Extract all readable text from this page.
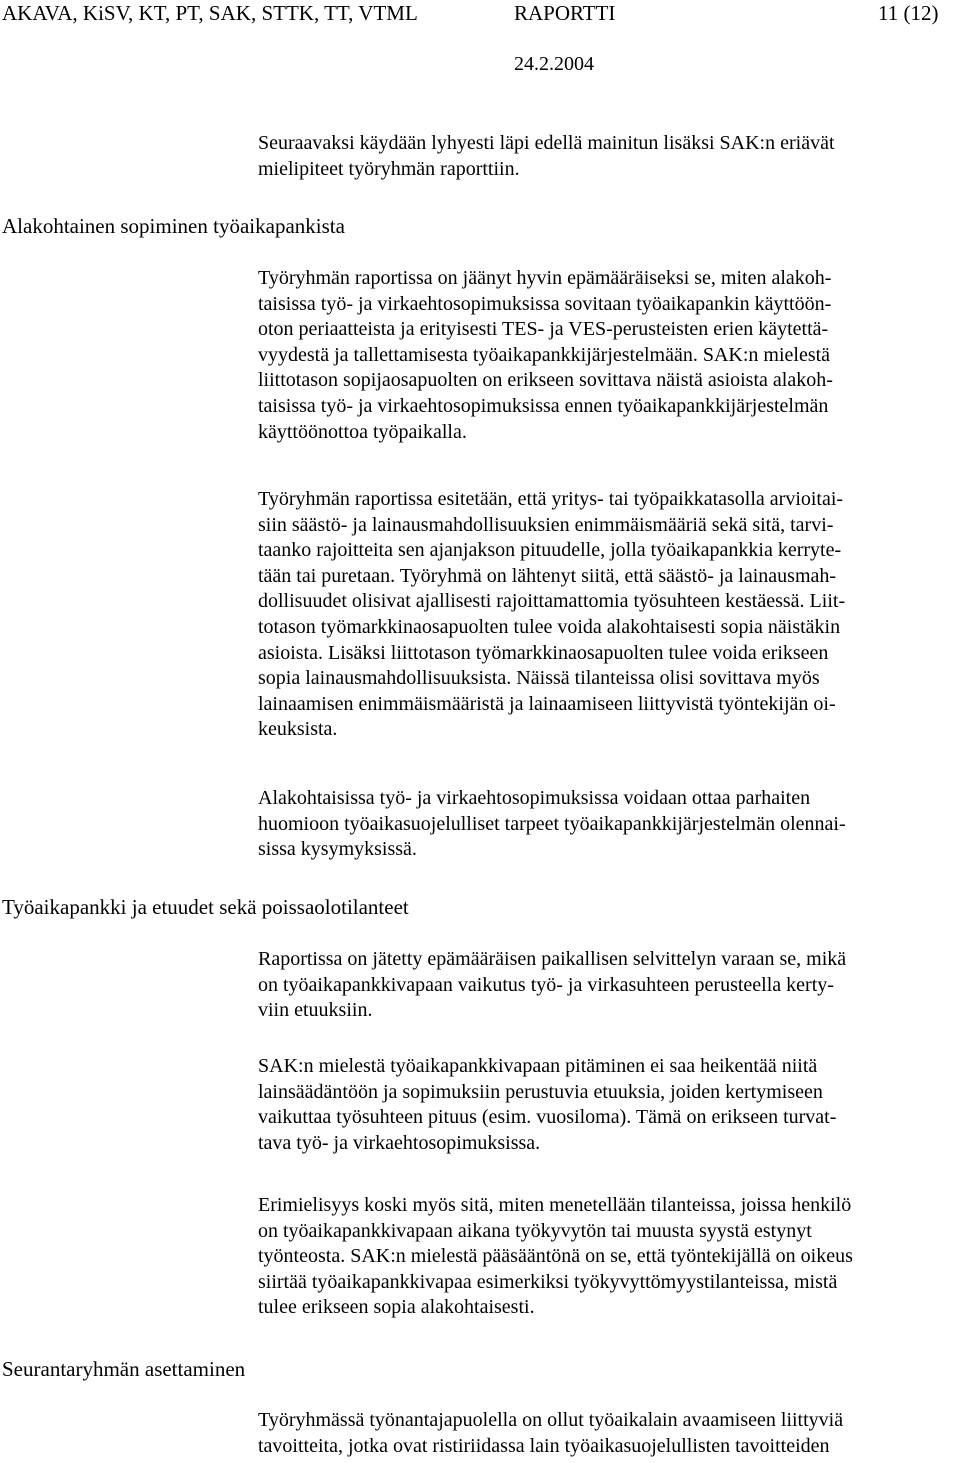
AKAVA, KiSV, KT, PT, SAK, STTK, TT, VTML	RAPORTTI	11 (12)
24.2.2004
Alakohtainen sopiminen työaikapankista
Työaikapankki ja etuudet sekä poissaolotilanteet
Seurantaryhmän asettaminen
Seuraavaksi käydään lyhyesti läpi edellä mainitun lisäksi SAK:n eriävät
mielipiteet työryhmän raporttiin.
Työryhmän raportissa on jäänyt hyvin epämääräiseksi se, miten alakoh-
taisissa työ- ja virkaehtosopimuksissa sovitaan työaikapankin käyttöön-
oton periaatteista ja erityisesti TES- ja VES-perusteisten erien käytettä-
vyydestä ja tallettamisesta työaikapankkijärjestelmään. SAK:n mielestä
liittotason sopijaosapuolten on erikseen sovittava näistä asioista alakoh-
taisissa työ- ja virkaehtosopimuksissa ennen työaikapankkijärjestelmän
käyttöönottoa työpaikalla.
Työryhmän raportissa esitetään, että yritys- tai työpaikkatasolla arvioitai-
siin säästö- ja lainausmahdollisuuksien enimmäismääriä sekä sitä, tarvi-
taanko rajoitteita sen ajanjakson pituudelle, jolla työaikapankkia kerryte-
tään tai puretaan. Työryhmä on lähtenyt siitä, että säästö- ja lainausmah-
dollisuudet olisivat ajallisesti rajoittamattomia työsuhteen kestäessä. Liit-
totason työmarkkinaosapuolten tulee voida alakohtaisesti sopia näistäkin
asioista. Lisäksi liittotason työmarkkinaosapuolten tulee voida erikseen
sopia lainausmahdollisuuksista. Näissä tilanteissa olisi sovittava myös
lainaamisen enimmäismääristä ja lainaamiseen liittyvistä työntekijän oi-
keuksista.
Alakohtaisissa työ- ja virkaehtosopimuksissa voidaan ottaa parhaiten
huomioon työaikasuojelulliset tarpeet työaikapankkijärjestelmän olennai-
sissa kysymyksissä.
Raportissa on jätetty epämääräisen paikallisen selvittelyn varaan se, mikä
on työaikapankkivapaan vaikutus työ- ja virkasuhteen perusteella kerty-
viin etuuksiin.
SAK:n mielestä työaikapankkivapaan pitäminen ei saa heikentää niitä
lainsäädäntöön ja sopimuksiin perustuvia etuuksia, joiden kertymiseen
vaikuttaa työsuhteen pituus (esim. vuosiloma). Tämä on erikseen turvat-
tava työ- ja virkaehtosopimuksissa.
Erimielisyys koski myös sitä, miten menetellään tilanteissa, joissa henkilö
on työaikapankkivapaan aikana työkyvytön tai muusta syystä estynyt
työnteosta. SAK:n mielestä pääsääntönä on se, että työntekijällä on oikeus
siirtää työaikapankkivapaa esimerkiksi työkyvyttömyystilanteissa, mistä
tulee erikseen sopia alakohtaisesti.
Työryhmässä työnantajapuolella on ollut työaikalain avaamiseen liittyviä
tavoitteita, jotka ovat ristiriidassa lain työaikasuojelullisten tavoitteiden
